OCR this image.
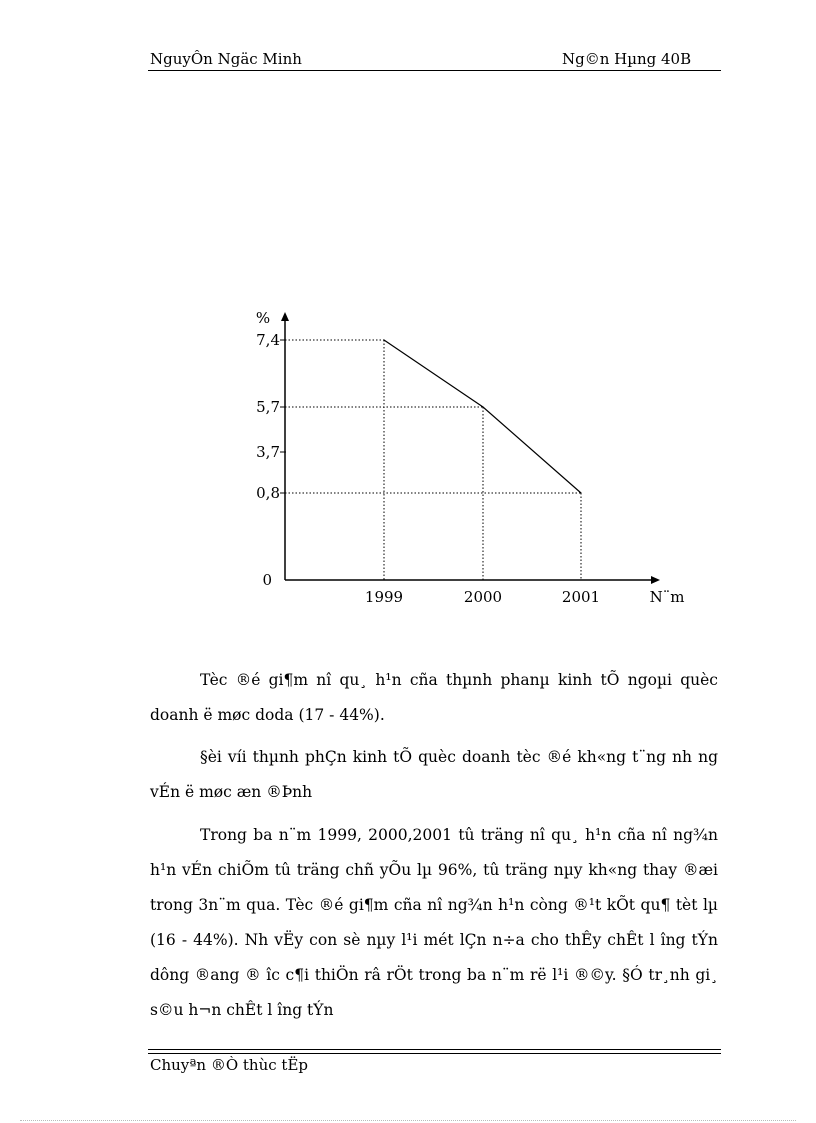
NguyÔn Ngäc Minh	Ng©n Hµng 40B
0
0,8
3,7
5,7
7,4
1999	2000	2001	N¨m
%

Tèc ®é gi¶m nî qu¸ h¹n cña thµnh phanµ kinh tÕ ngoµi quèc doanh ë møc doda (17 - 44%).

§èi víi thµnh phÇn kinh tÕ quèc doanh tèc ®é kh«ng t¨ng nh ng vÉn ë møc æn ®Þnh

Trong ba n¨m 1999, 2000,2001 tû träng nî qu¸ h¹n cña nî ng¾n h¹n vÉn chiÕm tû träng chñ yÕu lµ 96%, tû träng nµy kh«ng thay ®æi trong 3n¨m qua. Tèc ®é gi¶m cña nî ng¾n h¹n còng ®¹t kÕt qu¶ tèt lµ (16 - 44%). Nh vËy con sè nµy l¹i mét lÇn n÷a cho thÊy chÊt l îng tÝn dông ®ang ® îc c¶i thiÖn râ rÖt trong ba n¨m rë l¹i ®©y. §Ó tr¸nh gi¸ s©u h¬n chÊt l îng tÝn

Chuyªn ®Ò thùc tËp
